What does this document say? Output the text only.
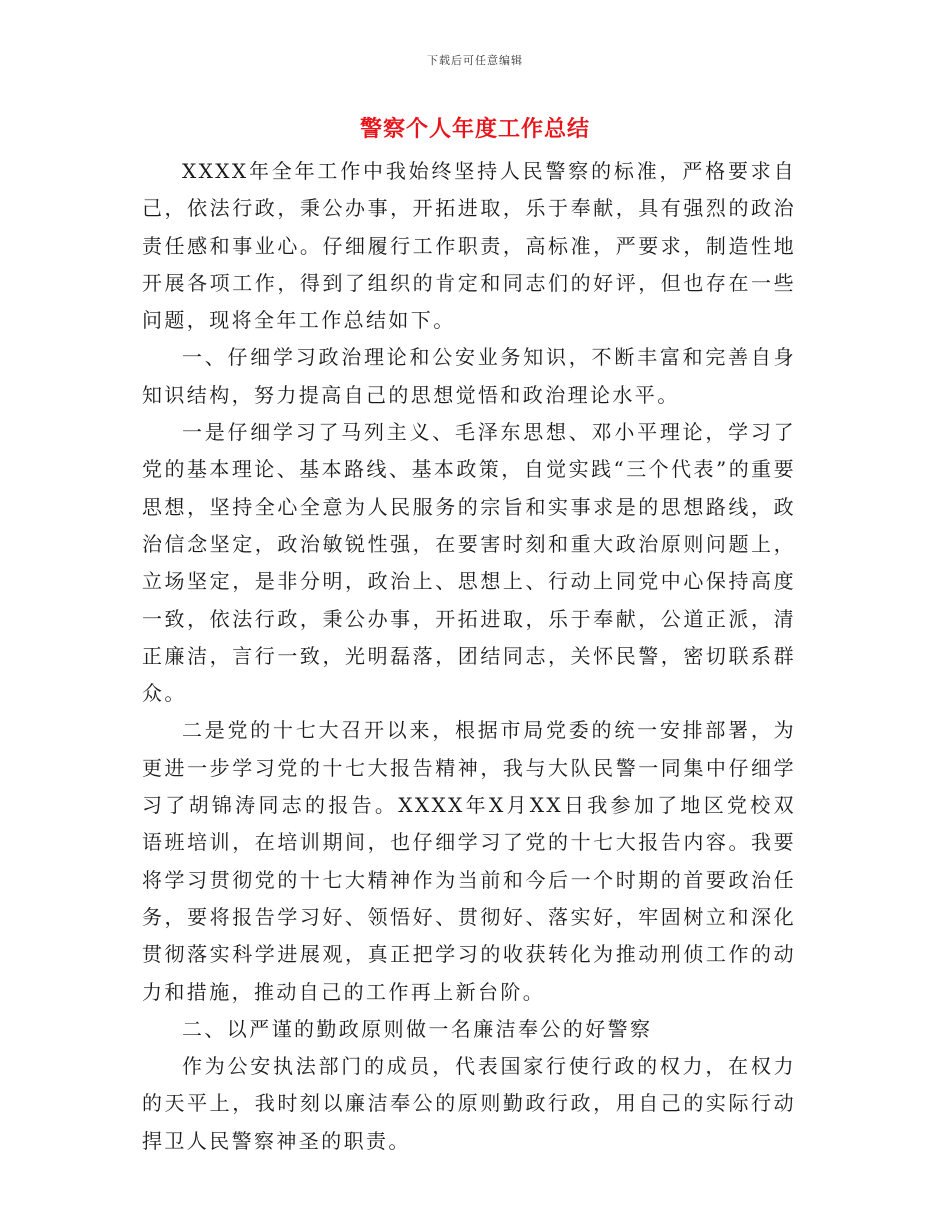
下载后可任意编辑
警察个人年度工作总结

XXXX年全年工作中我始终坚持人民警察的标准，严格要求自己，依法行政，秉公办事，开拓进取，乐于奉献，具有强烈的政治责任感和事业心。仔细履行工作职责，高标准，严要求，制造性地开展各项工作，得到了组织的肯定和同志们的好评，但也存在一些问题，现将全年工作总结如下。

一、仔细学习政治理论和公安业务知识，不断丰富和完善自身知识结构，努力提高自己的思想觉悟和政治理论水平。

一是仔细学习了马列主义、毛泽东思想、邓小平理论，学习了党的基本理论、基本路线、基本政策，自觉实践“三个代表”的重要思想，坚持全心全意为人民服务的宗旨和实事求是的思想路线，政治信念坚定，政治敏锐性强，在要害时刻和重大政治原则问题上，立场坚定，是非分明，政治上、思想上、行动上同党中心保持高度一致，依法行政，秉公办事，开拓进取，乐于奉献，公道正派，清正廉洁，言行一致，光明磊落，团结同志，关怀民警，密切联系群众。

二是党的十七大召开以来，根据市局党委的统一安排部署，为更进一步学习党的十七大报告精神，我与大队民警一同集中仔细学习了胡锦涛同志的报告。XXXX年X月XX日我参加了地区党校双语班培训，在培训期间，也仔细学习了党的十七大报告内容。我要将学习贯彻党的十七大精神作为当前和今后一个时期的首要政治任务，要将报告学习好、领悟好、贯彻好、落实好，牢固树立和深化贯彻落实科学进展观，真正把学习的收获转化为推动刑侦工作的动力和措施，推动自己的工作再上新台阶。

二、以严谨的勤政原则做一名廉洁奉公的好警察

作为公安执法部门的成员，代表国家行使行政的权力，在权力的天平上，我时刻以廉洁奉公的原则勤政行政，用自己的实际行动捍卫人民警察神圣的职责。
